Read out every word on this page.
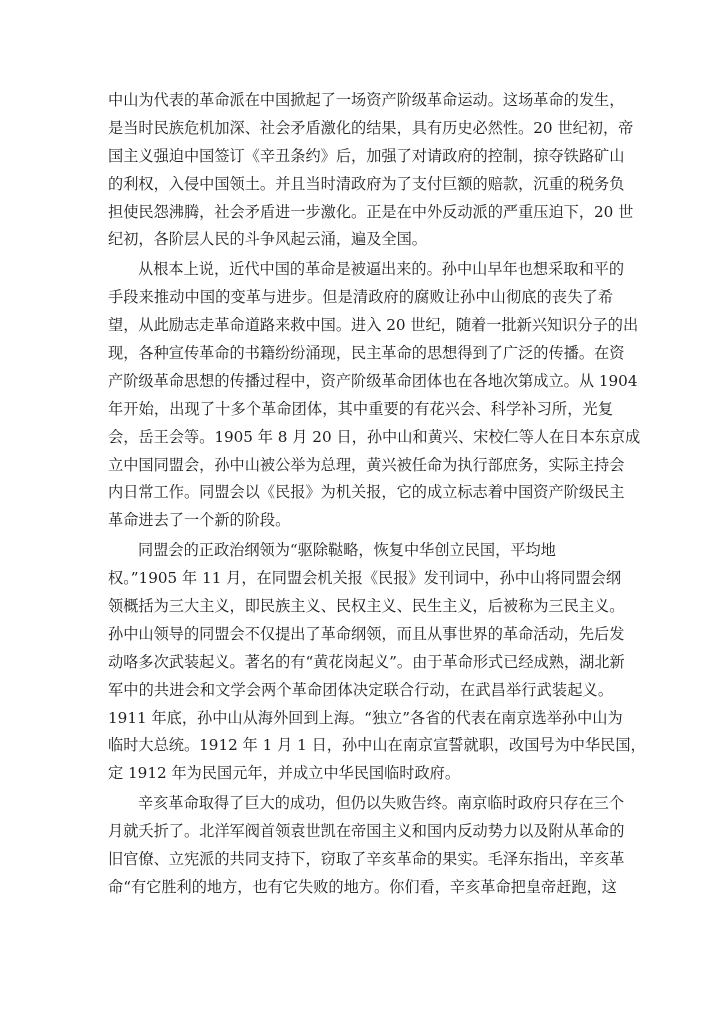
中山为代表的革命派在中国掀起了一场资产阶级革命运动。这场革命的发生，
是当时民族危机加深、社会矛盾激化的结果，具有历史必然性。20 世纪初，帝
国主义强迫中国签订《辛丑条约》后，加强了对请政府的控制，掠夺铁路矿山
的利权，入侵中国领土。并且当时清政府为了支付巨额的赔款，沉重的税务负
担使民怨沸腾，社会矛盾进一步激化。正是在中外反动派的严重压迫下，20 世
纪初，各阶层人民的斗争风起云涌，遍及全国。
从根本上说，近代中国的革命是被逼出来的。孙中山早年也想采取和平的
手段来推动中国的变革与进步。但是清政府的腐败让孙中山彻底的丧失了希
望，从此励志走革命道路来救中国。进入 20 世纪，随着一批新兴知识分子的出
现，各种宣传革命的书籍纷纷涌现，民主革命的思想得到了广泛的传播。在资
产阶级革命思想的传播过程中，资产阶级革命团体也在各地次第成立。从 1904
年开始，出现了十多个革命团体，其中重要的有花兴会、科学补习所，光复
会，岳王会等。1905 年 8 月 20 日，孙中山和黄兴、宋校仁等人在日本东京成
立中国同盟会，孙中山被公举为总理，黄兴被任命为执行部庶务，实际主持会
内日常工作。同盟会以《民报》为机关报，它的成立标志着中国资产阶级民主
革命进去了一个新的阶段。
同盟会的正政治纲领为“驱除鞑略，恢复中华创立民国，平均地
权。”1905 年 11 月，在同盟会机关报《民报》发刊词中，孙中山将同盟会纲
领概括为三大主义，即民族主义、民权主义、民生主义，后被称为三民主义。
孙中山领导的同盟会不仅提出了革命纲领，而且从事世界的革命活动，先后发
动咯多次武装起义。著名的有“黄花岗起义”。由于革命形式已经成熟，湖北新
军中的共进会和文学会两个革命团体决定联合行动，在武昌举行武装起义。
1911 年底，孙中山从海外回到上海。“独立”各省的代表在南京选举孙中山为
临时大总统。1912 年 1 月 1 日，孙中山在南京宣誓就职，改国号为中华民国，
定 1912 年为民国元年，并成立中华民国临时政府。
辛亥革命取得了巨大的成功，但仍以失败告终。南京临时政府只存在三个
月就夭折了。北洋军阀首领袁世凯在帝国主义和国内反动势力以及附从革命的
旧官僚、立宪派的共同支持下，窃取了辛亥革命的果实。毛泽东指出，辛亥革
命“有它胜利的地方，也有它失败的地方。你们看，辛亥革命把皇帝赶跑，这
